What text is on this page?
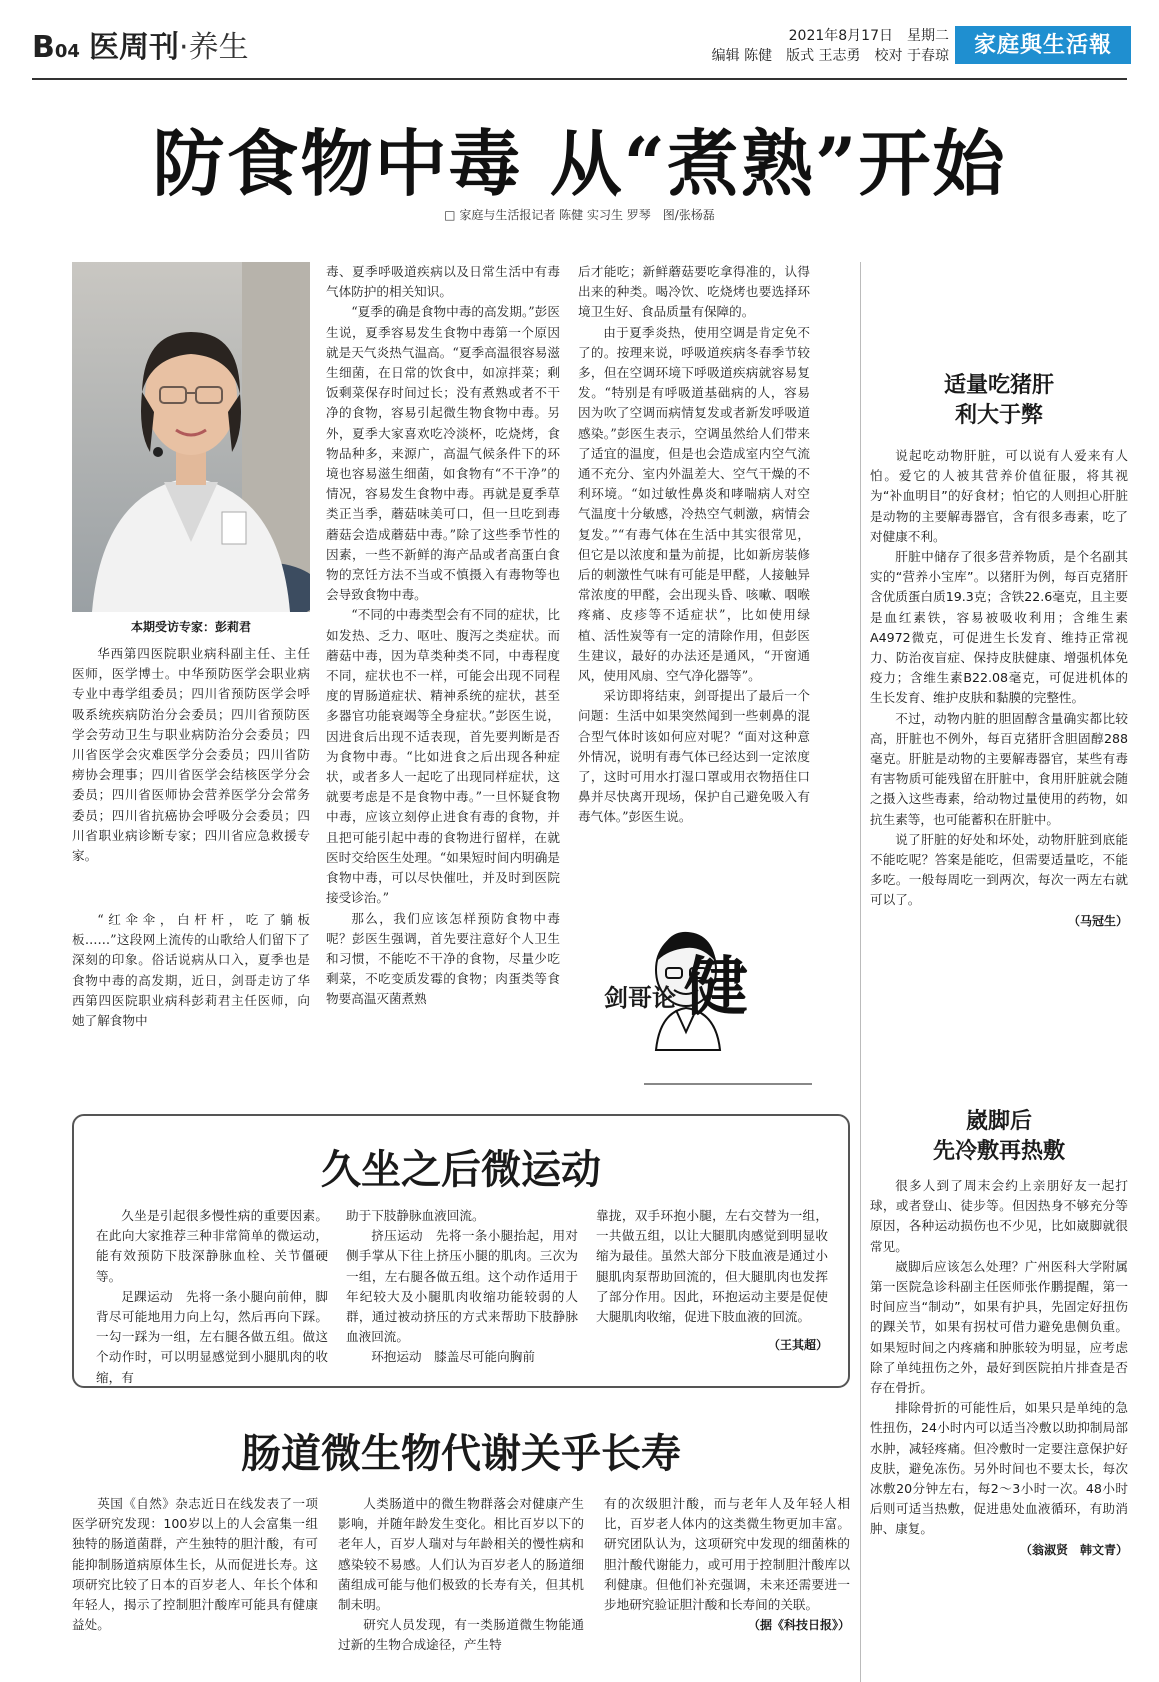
B04 医周刊·养生	2021年8月17日　星期二
编辑 陈健　版式 王志勇　校对 于春琼	家庭與生活報
防食物中毒 从“煮熟”开始
□ 家庭与生活报记者 陈健 实习生 罗琴　图/张杨磊
本期受访专家：彭莉君

华西第四医院职业病科副主任、主任医师，医学博士。中华预防医学会职业病专业中毒学组委员；四川省预防医学会呼吸系统疾病防治分会委员；四川省预防医学会劳动卫生与职业病防治分会委员；四川省医学会灾难医学分会委员；四川省防痨协会理事；四川省医学会结核医学分会委员；四川省医师协会营养医学分会常务委员；四川省抗癌协会呼吸分会委员；四川省职业病诊断专家；四川省应急救援专家。

“红伞伞，白杆杆，吃了躺板板……”这段网上流传的山歌给人们留下了深刻的印象。俗话说病从口入，夏季也是食物中毒的高发期，近日，剑哥走访了华西第四医院职业病科彭莉君主任医师，向她了解食物中

毒、夏季呼吸道疾病以及日常生活中有毒气体防护的相关知识。

“夏季的确是食物中毒的高发期。”彭医生说，夏季容易发生食物中毒第一个原因就是天气炎热气温高。“夏季高温很容易滋生细菌，在日常的饮食中，如凉拌菜；剩饭剩菜保存时间过长；没有煮熟或者不干净的食物，容易引起微生物食物中毒。另外，夏季大家喜欢吃冷淡杯，吃烧烤，食物品种多，来源广，高温气候条件下的环境也容易滋生细菌，如食物有“不干净”的情况，容易发生食物中毒。再就是夏季草类正当季，蘑菇味美可口，但一旦吃到毒蘑菇会造成蘑菇中毒。”除了这些季节性的因素，一些不新鲜的海产品或者高蛋白食物的烹饪方法不当或不慎摄入有毒物等也会导致食物中毒。

“不同的中毒类型会有不同的症状，比如发热、乏力、呕吐、腹泻之类症状。而蘑菇中毒，因为草类种类不同，中毒程度不同，症状也不一样，可能会出现不同程度的胃肠道症状、精神系统的症状，甚至多器官功能衰竭等全身症状。”彭医生说，因进食后出现不适表现，首先要判断是否为食物中毒。“比如进食之后出现各种症状，或者多人一起吃了出现同样症状，这就要考虑是不是食物中毒。”一旦怀疑食物中毒，应该立刻停止进食有毒的食物，并且把可能引起中毒的食物进行留样，在就医时交给医生处理。“如果短时间内明确是食物中毒，可以尽快催吐，并及时到医院接受诊治。”

那么，我们应该怎样预防食物中毒呢？彭医生强调，首先要注意好个人卫生和习惯，不能吃不干净的食物，尽量少吃剩菜，不吃变质发霉的食物；肉蛋类等食物要高温灭菌煮熟

后才能吃；新鲜蘑菇要吃拿得准的，认得出来的种类。喝冷饮、吃烧烤也要选择环境卫生好、食品质量有保障的。

由于夏季炎热，使用空调是肯定免不了的。按理来说，呼吸道疾病冬春季节较多，但在空调环境下呼吸道疾病就容易复发。“特别是有呼吸道基础病的人，容易因为吹了空调而病情复发或者新发呼吸道感染。”彭医生表示，空调虽然给人们带来了适宜的温度，但是也会造成室内空气流通不充分、室内外温差大、空气干燥的不利环境。“如过敏性鼻炎和哮喘病人对空气温度十分敏感，冷热空气刺激，病情会复发。”“有毒气体在生活中其实很常见，但它是以浓度和量为前提，比如新房装修后的刺激性气味有可能是甲醛，人接触异常浓度的甲醛，会出现头昏、咳嗽、咽喉疼痛、皮疹等不适症状”，比如使用绿植、活性炭等有一定的清除作用，但彭医生建议，最好的办法还是通风，“开窗通风，使用风扇、空气净化器等”。

采访即将结束，剑哥提出了最后一个问题：生活中如果突然闻到一些刺鼻的混合型气体时该如何应对呢？“面对这种意外情况，说明有毒气体已经达到一定浓度了，这时可用水打湿口罩或用衣物捂住口鼻并尽快离开现场，保护自己避免吸入有毒气体。”彭医生说。

剑哥论 健
适量吃猪肝
利大于弊

说起吃动物肝脏，可以说有人爱来有人怕。爱它的人被其营养价值征服，将其视为“补血明目”的好食材；怕它的人则担心肝脏是动物的主要解毒器官，含有很多毒素，吃了对健康不利。

肝脏中储存了很多营养物质，是个名副其实的“营养小宝库”。以猪肝为例，每百克猪肝含优质蛋白质19.3克；含铁22.6毫克，且主要是血红素铁，容易被吸收利用；含维生素A4972微克，可促进生长发育、维持正常视力、防治夜盲症、保持皮肤健康、增强机体免疫力；含维生素B22.08毫克，可促进机体的生长发育、维护皮肤和黏膜的完整性。

不过，动物内脏的胆固醇含量确实都比较高，肝脏也不例外，每百克猪肝含胆固醇288毫克。肝脏是动物的主要解毒器官，某些有毒有害物质可能残留在肝脏中，食用肝脏就会随之摄入这些毒素，给动物过量使用的药物，如抗生素等，也可能蓄积在肝脏中。

说了肝脏的好处和坏处，动物肝脏到底能不能吃呢？答案是能吃，但需要适量吃，不能多吃。一般每周吃一到两次，每次一两左右就可以了。

（马冠生）
崴脚后
先冷敷再热敷

很多人到了周末会约上亲朋好友一起打球，或者登山、徒步等。但因热身不够充分等原因，各种运动损伤也不少见，比如崴脚就很常见。

崴脚后应该怎么处理？广州医科大学附属第一医院急诊科副主任医师张作鹏提醒，第一时间应当“制动”，如果有护具，先固定好扭伤的踝关节，如果有拐杖可借力避免患侧负重。如果短时间之内疼痛和肿胀较为明显，应考虑除了单纯扭伤之外，最好到医院拍片排查是否存在骨折。

排除骨折的可能性后，如果只是单纯的急性扭伤，24小时内可以适当冷敷以助抑制局部水肿，减轻疼痛。但冷敷时一定要注意保护好皮肤，避免冻伤。另外时间也不要太长，每次冰敷20分钟左右，每2～3小时一次。48小时后则可适当热敷，促进患处血液循环，有助消肿、康复。

（翁淑贤　韩文青）
久坐之后微运动

久坐是引起很多慢性病的重要因素。在此向大家推荐三种非常简单的微运动，能有效预防下肢深静脉血栓、关节僵硬等。

足踝运动　先将一条小腿向前伸，脚背尽可能地用力向上勾，然后再向下踩。一勾一踩为一组，左右腿各做五组。做这个动作时，可以明显感觉到小腿肌肉的收缩，有

助于下肢静脉血液回流。

挤压运动　先将一条小腿抬起，用对侧手掌从下往上挤压小腿的肌肉。三次为一组，左右腿各做五组。这个动作适用于年纪较大及小腿肌肉收缩功能较弱的人群，通过被动挤压的方式来帮助下肢静脉血液回流。

环抱运动　膝盖尽可能向胸前

靠拢，双手环抱小腿，左右交替为一组，一共做五组，以让大腿肌肉感觉到明显收缩为最佳。虽然大部分下肢血液是通过小腿肌肉泵帮助回流的，但大腿肌肉也发挥了部分作用。因此，环抱运动主要是促使大腿肌肉收缩，促进下肢血液的回流。

（王其超）
肠道微生物代谢关乎长寿

英国《自然》杂志近日在线发表了一项医学研究发现：100岁以上的人会富集一组独特的肠道菌群，产生独特的胆汁酸，有可能抑制肠道病原体生长，从而促进长寿。这项研究比较了日本的百岁老人、年长个体和年轻人，揭示了控制胆汁酸库可能具有健康益处。

人类肠道中的微生物群落会对健康产生影响，并随年龄发生变化。相比百岁以下的老年人，百岁人瑞对与年龄相关的慢性病和感染较不易感。人们认为百岁老人的肠道细菌组成可能与他们极致的长寿有关，但其机制未明。

研究人员发现，有一类肠道微生物能通过新的生物合成途径，产生特

有的次级胆汁酸，而与老年人及年轻人相比，百岁老人体内的这类微生物更加丰富。研究团队认为，这项研究中发现的细菌株的胆汁酸代谢能力，或可用于控制胆汁酸库以利健康。但他们补充强调，未来还需要进一步地研究验证胆汁酸和长寿间的关联。

（据《科技日报》）
